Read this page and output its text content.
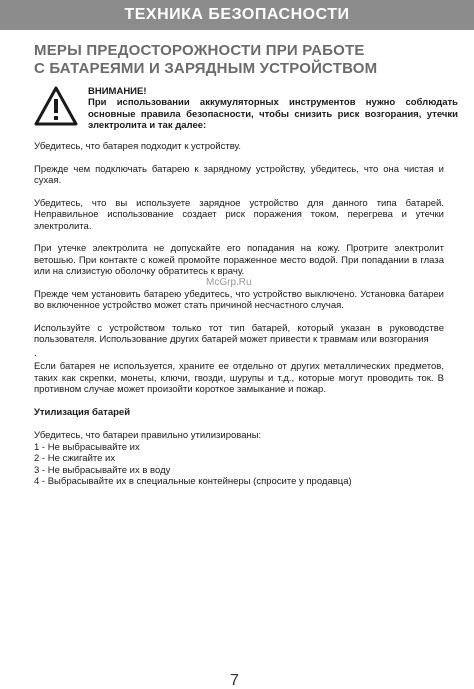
ТЕХНИКА БЕЗОПАСНОСТИ
МЕРЫ ПРЕДОСТОРОЖНОСТИ ПРИ РАБОТЕ
С БАТАРЕЯМИ И ЗАРЯДНЫМ УСТРОЙСТВОМ
ВНИМАНИЕ!
При использовании аккумуляторных инструментов нужно соблюдать основные правила безопасности, чтобы снизить риск возгорания, утечки электролита и так далее:

Убедитесь, что батарея подходит к устройству.

Прежде чем подключать батарею к зарядному устройству, убедитесь, что она чистая и сухая.

Убедитесь, что вы используете зарядное устройство для данного типа батарей. Неправильное использование создает риск поражения током, перегрева и утечки электролита.

При утечке электролита не допускайте его попадания на кожу. Протрите электролит ветошью. При контакте с кожей промойте пораженное место водой. При попадании в глаза или на слизистую оболочку обратитесь к врачу.

Прежде чем установить батарею убедитесь, что устройство выключено. Установка батареи во включенное устройство может стать причиной несчастного случая.

Используйте с устройством только тот тип батарей, который указан в руководстве пользователя. Использование других батарей может привести к травмам или возгорания

.

Если батарея не используется, храните ее отдельно от других металлических предметов, таких как скрепки, монеты, ключи, гвозди, шурупы и т.д., которые могут проводить ток. В противном случае может произойти короткое замыкание и пожар.

Утилизация батарей
Убедитесь, что батареи правильно утилизированы:
1 - Не выбрасывайте их
2 - Не сжигайте их
3 - Не выбрасывайте их в воду
4 - Выбрасывайте их в специальные контейнеры (спросите у продавца)
McGrp.Ru
7
